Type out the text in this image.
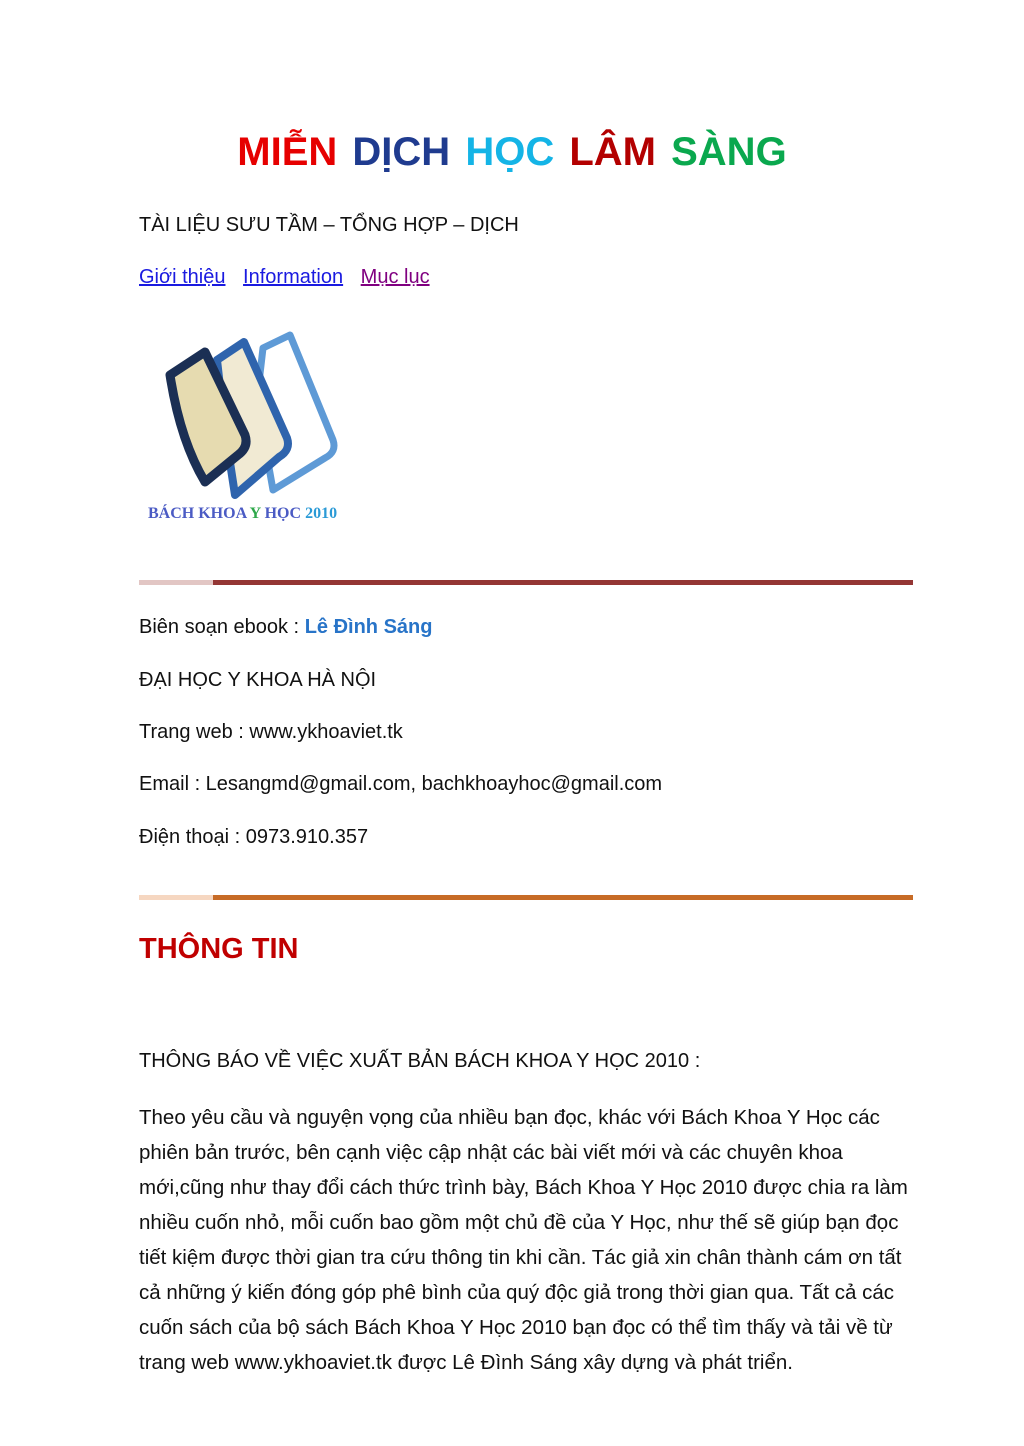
MIỄN DỊCH HỌC LÂM SÀNG
TÀI LIỆU SƯU TẦM – TỔNG HỢP – DỊCH
Giới thiệu Information Mục lục
BÁCH KHOA Y HỌC 2010
Biên soạn ebook : Lê Đình Sáng
ĐẠI HỌC Y KHOA HÀ NỘI
Trang web : www.ykhoaviet.tk
Email : Lesangmd@gmail.com, bachkhoayhoc@gmail.com
Điện thoại : 0973.910.357
THÔNG TIN
THÔNG BÁO VỀ VIỆC XUẤT BẢN BÁCH KHOA Y HỌC 2010 :
Theo yêu cầu và nguyện vọng của nhiều bạn đọc, khác với Bách Khoa Y Học các phiên bản trước, bên cạnh việc cập nhật các bài viết mới và các chuyên khoa mới,cũng như thay đổi cách thức trình bày, Bách Khoa Y Học 2010 được chia ra làm nhiều cuốn nhỏ, mỗi cuốn bao gồm một chủ đề của Y Học, như thế sẽ giúp bạn đọc tiết kiệm được thời gian tra cứu thông tin khi cần. Tác giả xin chân thành cám ơn tất cả những ý kiến đóng góp phê bình của quý độc giả trong thời gian qua. Tất cả các cuốn sách của bộ sách Bách Khoa Y Học 2010 bạn đọc có thể tìm thấy và tải về từ trang web www.ykhoaviet.tk được Lê Đình Sáng xây dựng và phát triển.
